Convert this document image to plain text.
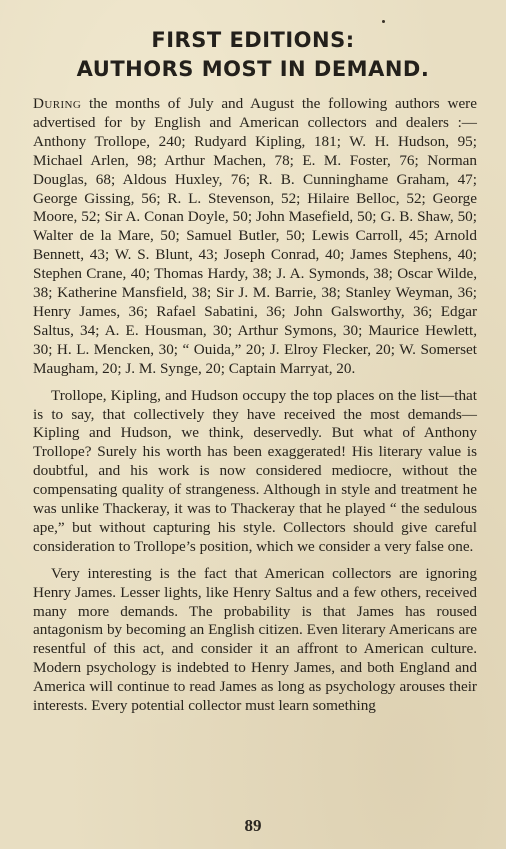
FIRST EDITIONS:
AUTHORS MOST IN DEMAND.

During the months of July and August the following authors were advertised for by English and American collectors and dealers :—Anthony Trollope, 240; Rudyard Kipling, 181; W. H. Hudson, 95; Michael Arlen, 98; Arthur Machen, 78; E. M. Foster, 76; Norman Douglas, 68; Aldous Huxley, 76; R. B. Cunninghame Graham, 47; George Gissing, 56; R. L. Stevenson, 52; Hilaire Belloc, 52; George Moore, 52; Sir A. Conan Doyle, 50; John Masefield, 50; G. B. Shaw, 50; Walter de la Mare, 50; Samuel Butler, 50; Lewis Carroll, 45; Arnold Bennett, 43; W. S. Blunt, 43; Joseph Conrad, 40; James Stephens, 40; Stephen Crane, 40; Thomas Hardy, 38; J. A. Symonds, 38; Oscar Wilde, 38; Katherine Mansfield, 38; Sir J. M. Barrie, 38; Stanley Weyman, 36; Henry James, 36; Rafael Sabatini, 36; John Galsworthy, 36; Edgar Saltus, 34; A. E. Housman, 30; Arthur Symons, 30; Maurice Hewlett, 30; H. L. Mencken, 30; “ Ouida,” 20; J. Elroy Flecker, 20; W. Somerset Maugham, 20; J. M. Synge, 20; Captain Marryat, 20.

Trollope, Kipling, and Hudson occupy the top places on the list—that is to say, that collectively they have received the most demands—Kipling and Hudson, we think, deservedly. But what of Anthony Trollope? Surely his worth has been exaggerated! His literary value is doubtful, and his work is now considered mediocre, without the compensating quality of strangeness. Although in style and treatment he was unlike Thackeray, it was to Thackeray that he played “ the sedulous ape,” but without capturing his style. Collectors should give careful consideration to Trollope’s position, which we consider a very false one.

Very interesting is the fact that American collectors are ignoring Henry James. Lesser lights, like Henry Saltus and a few others, received many more demands. The probability is that James has roused antagonism by becoming an English citizen. Even literary Americans are resentful of this act, and consider it an affront to American culture. Modern psychology is indebted to Henry James, and both England and America will continue to read James as long as psychology arouses their interests. Every potential collector must learn something

89
